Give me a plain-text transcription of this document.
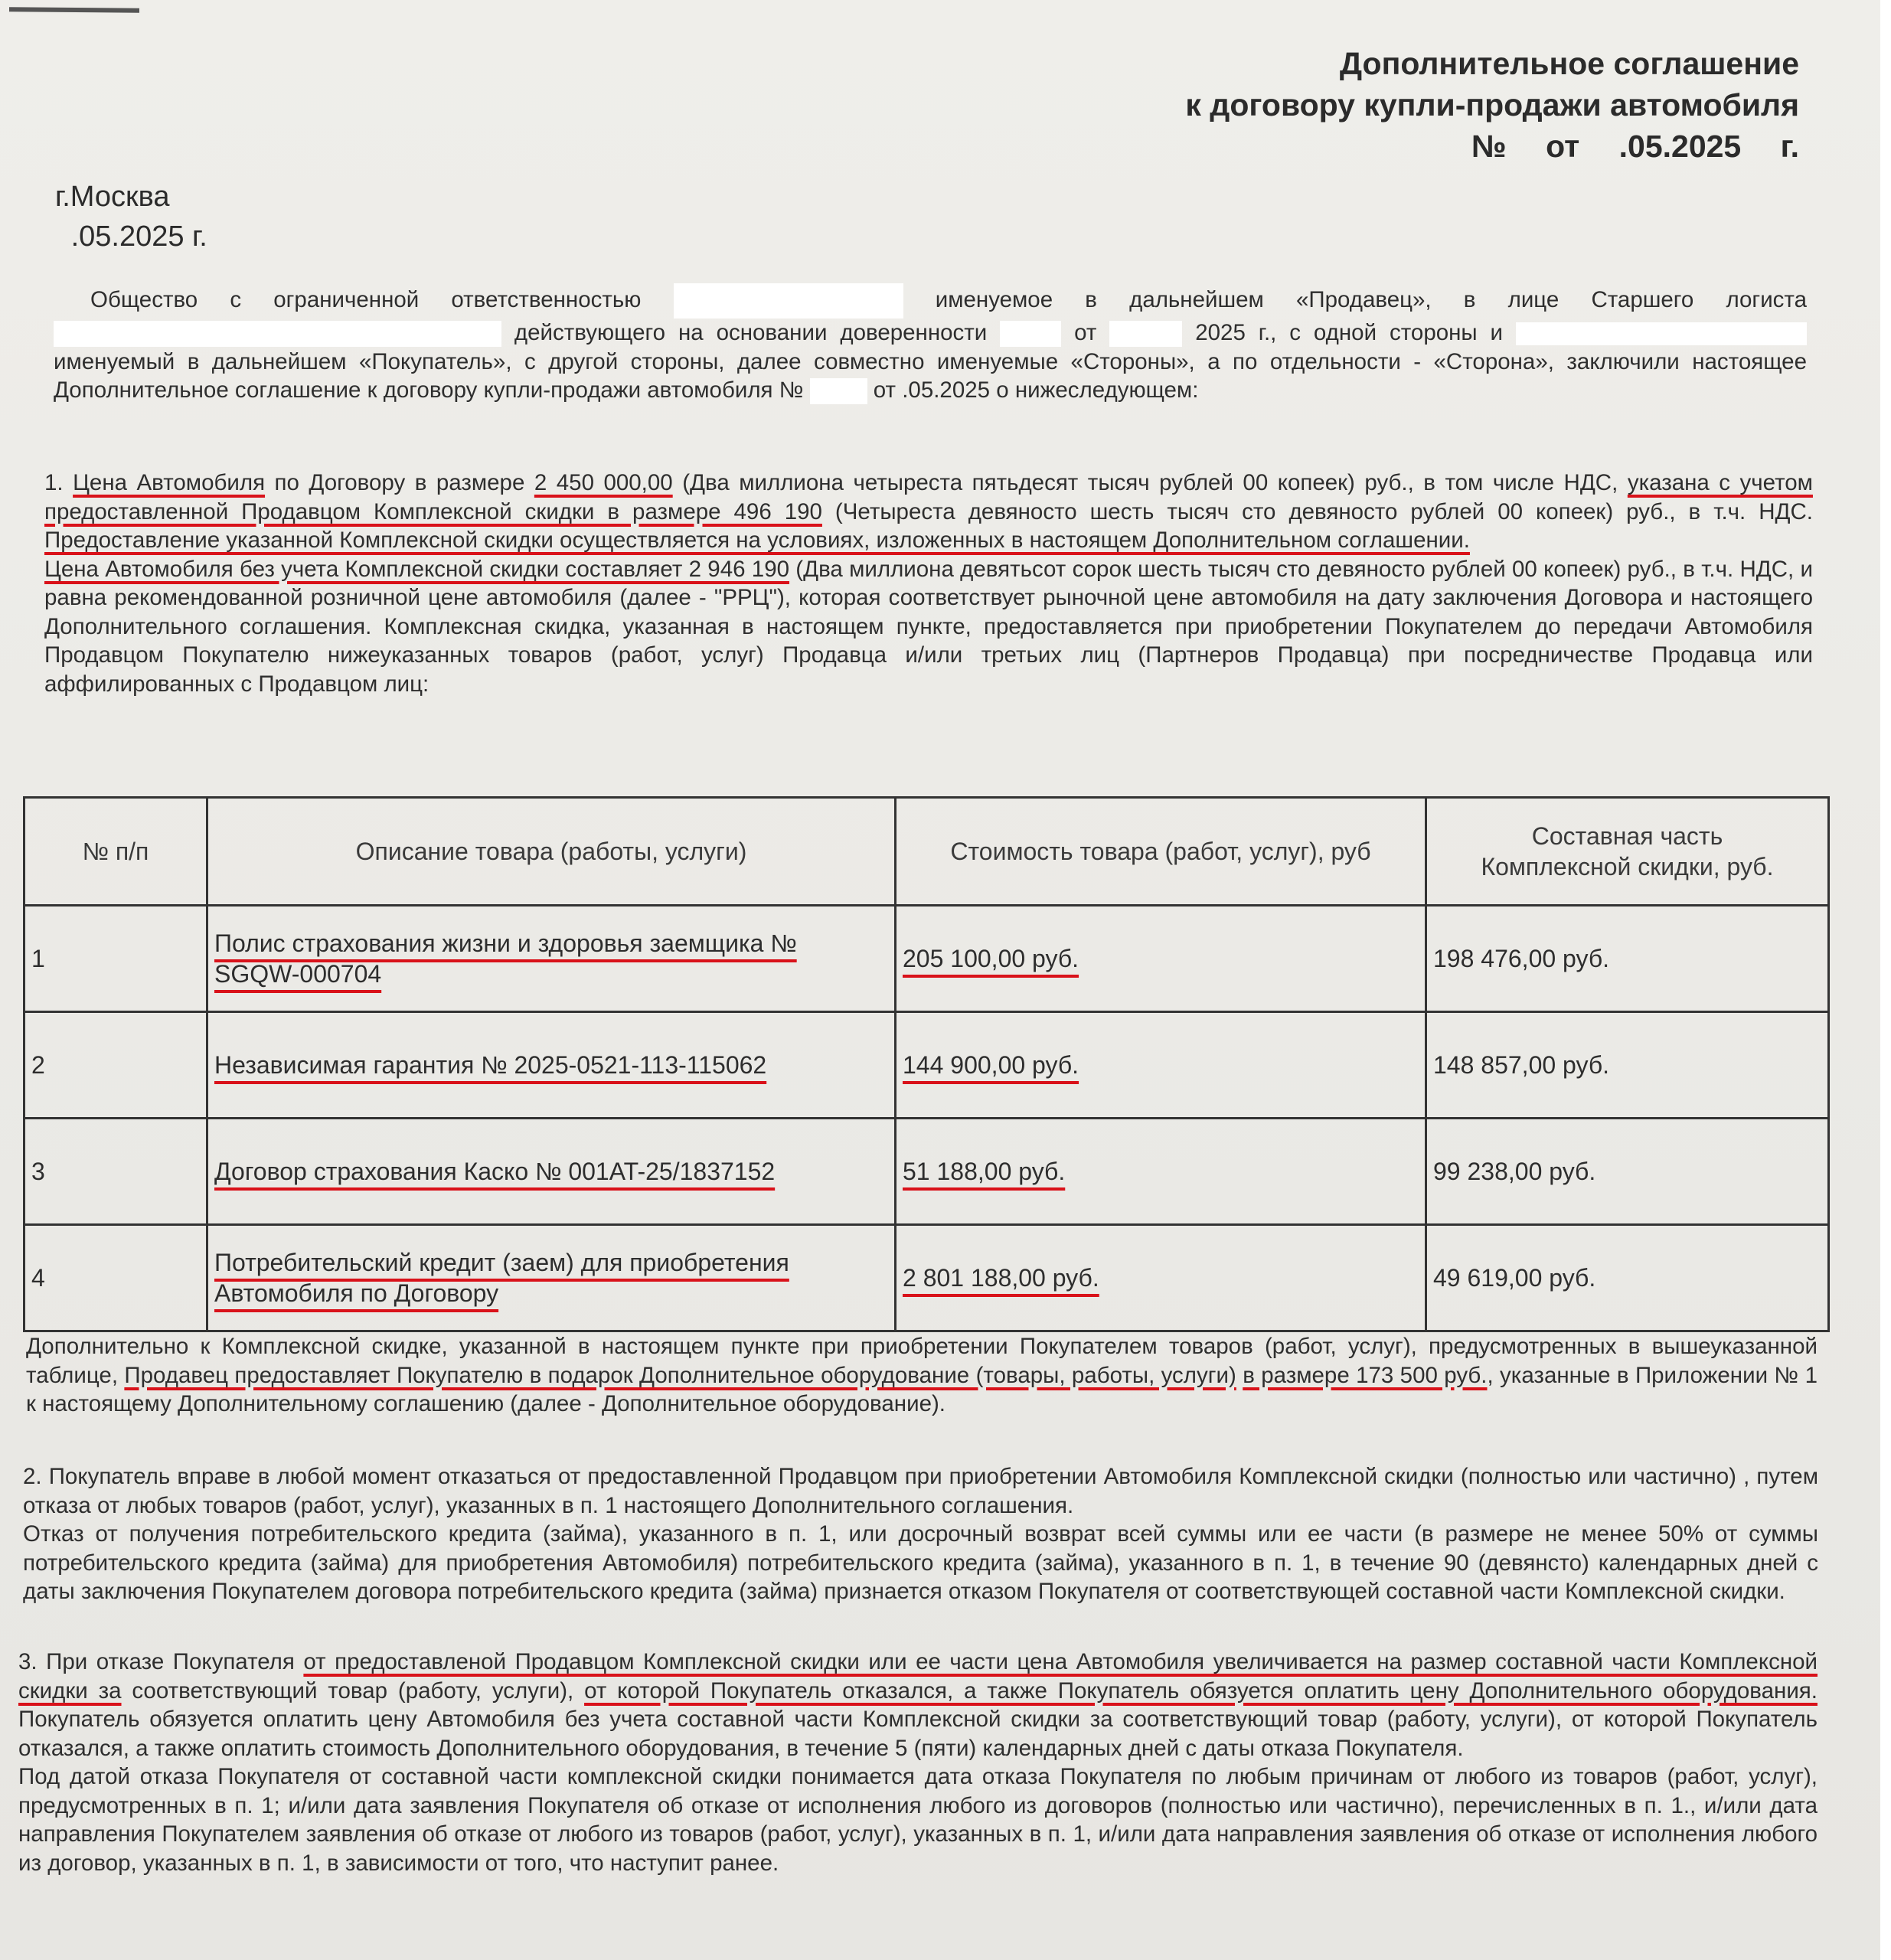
Дополнительное соглашение
к договору купли-продажи автомобиля
№ от .05.2025 г.
г.Москва
.05.2025 г.
Общество с ограниченной ответственностью	именуемое в дальнейшем «Продавец», в лице Старшего логиста  действующего на основании доверенности	от	2025 г., с одной стороны и  именуемый в дальнейшем «Покупатель», с другой стороны, далее совместно именуемые «Стороны», а по отдельности - «Сторона», заключили настоящее Дополнительное соглашение к договору купли-продажи автомобиля №	от .05.2025 о нижеследующем:
1. Цена Автомобиля по Договору в размере 2 450 000,00 (Два миллиона четыреста пятьдесят тысяч рублей 00 копеек) руб., в том числе НДС, указана с учетом предоставленной Продавцом Комплексной скидки в размере 496 190 (Четыреста девяносто шесть тысяч сто девяносто рублей 00 копеек) руб., в т.ч. НДС. Предоставление указанной Комплексной скидки осуществляется на условиях, изложенных в настоящем Дополнительном соглашении.
Цена Автомобиля без учета Комплексной скидки составляет 2 946 190 (Два миллиона девятьсот сорок шесть тысяч сто девяносто рублей 00 копеек) руб., в т.ч. НДС, и равна рекомендованной розничной цене автомобиля (далее - "РРЦ"), которая соответствует рыночной цене автомобиля на дату заключения Договора и настоящего Дополнительного соглашения. Комплексная скидка, указанная в настоящем пункте, предоставляется при приобретении Покупателем до передачи Автомобиля Продавцом Покупателю нижеуказанных товаров (работ, услуг) Продавца и/или третьих лиц (Партнеров Продавца) при посредничестве Продавца или аффилированных с Продавцом лиц:
№ п/п	Описание товара (работы, услуги)	Стоимость товара (работ, услуг), руб	Составная часть Комплексной скидки, руб.
1	Полис страхования жизни и здоровья заемщика № SGQW-000704	205 100,00 руб.	198 476,00 руб.
2	Независимая гарантия № 2025-0521-113-115062	144 900,00 руб.	148 857,00 руб.
3	Договор страхования Каско № 001AT-25/1837152	51 188,00 руб.	99 238,00 руб.
4	Потребительский кредит (заем) для приобретения Автомобиля по Договору	2 801 188,00 руб.	49 619,00 руб.
Дополнительно к Комплексной скидке, указанной в настоящем пункте при приобретении Покупателем товаров (работ, услуг), предусмотренных в вышеуказанной таблице, Продавец предоставляет Покупателю в подарок Дополнительное оборудование (товары, работы, услуги) в размере 173 500 руб., указанные в Приложении № 1 к настоящему Дополнительному соглашению (далее - Дополнительное оборудование).
2. Покупатель вправе в любой момент отказаться от предоставленной Продавцом при приобретении Автомобиля Комплексной скидки (полностью или частично) , путем отказа от любых товаров (работ, услуг), указанных в п. 1 настоящего Дополнительного соглашения.
Отказ от получения потребительского кредита (займа), указанного в п. 1, или досрочный возврат всей суммы или ее части (в размере не менее 50% от суммы потребительского кредита (займа) для приобретения Автомобиля) потребительского кредита (займа), указанного в п. 1, в течение 90 (девянсто) календарных дней с даты заключения Покупателем договора потребительского кредита (займа) признается отказом Покупателя от соответствующей составной части Комплексной скидки.
3. При отказе Покупателя от предоставленой Продавцом Комплексной скидки или ее части цена Автомобиля увеличивается на размер составной части Комплексной скидки за соответствующий товар (работу, услуги), от которой Покупатель отказался, а также Покупатель обязуется оплатить цену Дополнительного оборудования. Покупатель обязуется оплатить цену Автомобиля без учета составной части Комплексной скидки за соответствующий товар (работу, услуги), от которой Покупатель отказался, а также оплатить стоимость Дополнительного оборудования, в течение 5 (пяти) календарных дней с даты отказа Покупателя.
Под датой отказа Покупателя от составной части комплексной скидки понимается дата отказа Покупателя по любым причинам от любого из товаров (работ, услуг), предусмотренных в п. 1; и/или дата заявления Покупателя об отказе от исполнения любого из договоров (полностью или частично), перечисленных в п. 1., и/или дата направления Покупателем заявления об отказе от любого из товаров (работ, услуг), указанных в п. 1, и/или дата направления заявления об отказе от исполнения любого из договор, указанных в п. 1, в зависимости от того, что наступит ранее.
